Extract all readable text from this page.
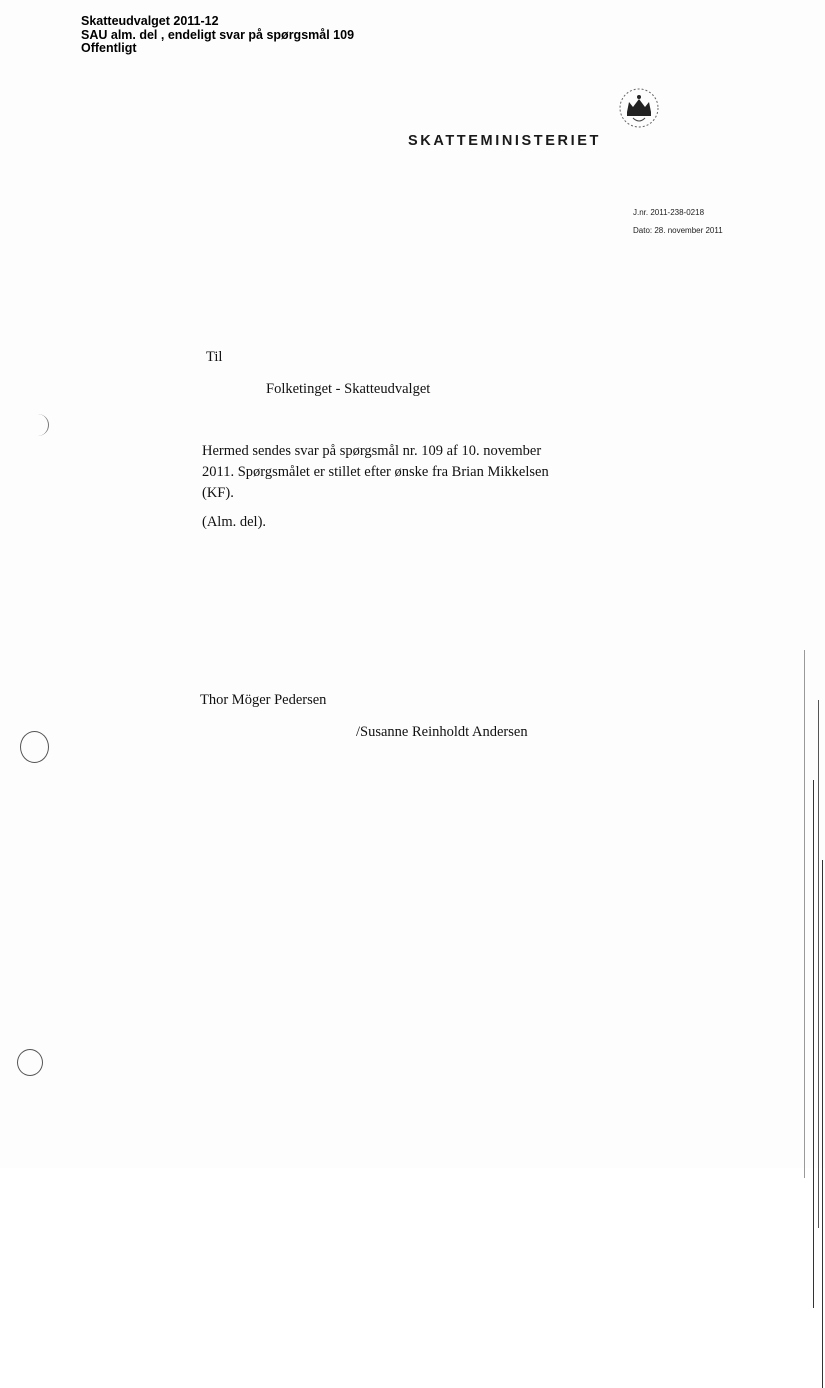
Skatteudvalget 2011-12
SAU alm. del , endeligt svar på spørgsmål 109
Offentligt
SKATTEMINISTERIET
J.nr. 2011-238-0218
Dato: 28. november 2011
Til
Folketinget - Skatteudvalget
Hermed sendes svar på spørgsmål nr. 109 af 10. november
2011. Spørgsmålet er stillet efter ønske fra Brian Mikkelsen
(KF).
(Alm. del).
Thor Möger Pedersen
/Susanne Reinholdt Andersen
